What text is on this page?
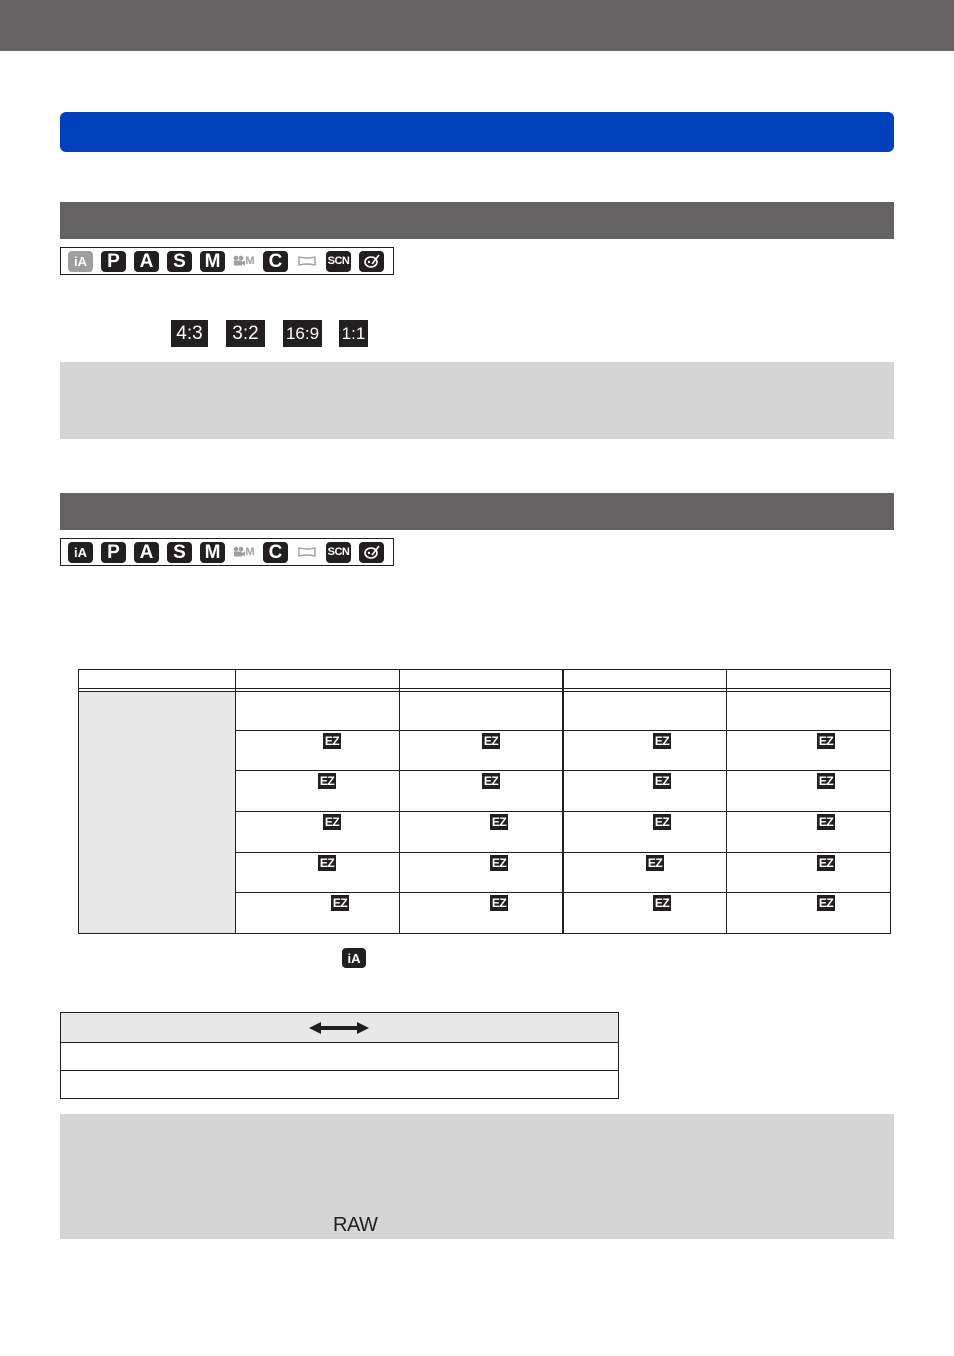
iA P A S M M C	SCN
4:3 3:2 16:9 1:1
iA P A S M M C	SCN
EZ	EZ	EZ	EZ
EZ	EZ	EZ	EZ
EZ	EZ	EZ	EZ
EZ	EZ	EZ	EZ
EZ	EZ	EZ	EZ
iA
RAW
